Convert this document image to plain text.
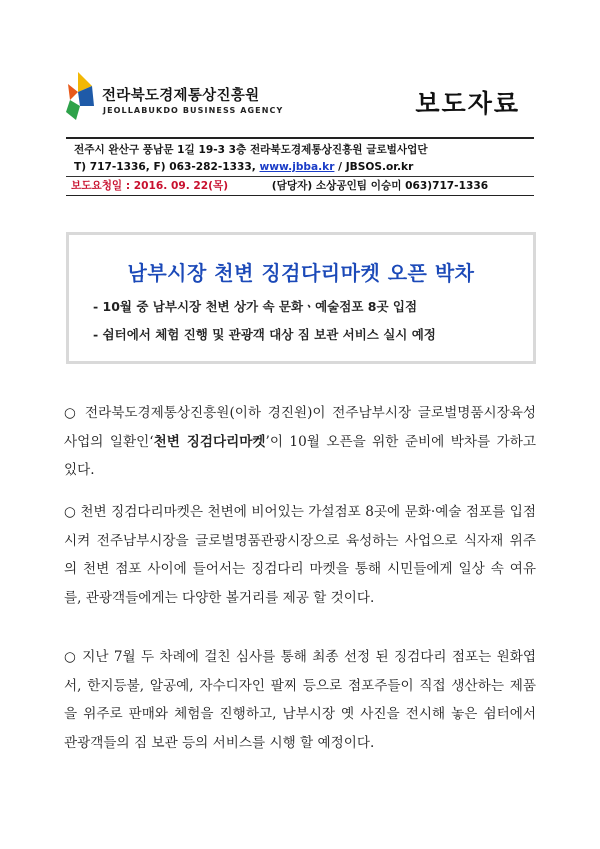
전라북도경제통상진흥원
JEOLLABUKDO BUSINESS AGENCY	보도자료
전주시 완산구 풍남문 1길 19-3 3층 전라북도경제통상진흥원 글로벌사업단
T) 717-1336, F) 063-282-1333, www.jbba.kr / JBSOS.or.kr
보도요청일 : 2016. 09. 22(목)	(담당자) 소상공인팀 이승미 063)717-1336
남부시장 천변 징검다리마켓 오픈 박차
- 10월 중 남부시장 천변 상가 속 문화ㆍ예술점포 8곳 입점
- 쉼터에서 체험 진행 및 관광객 대상 짐 보관 서비스 실시 예정
○ 전라북도경제통상진흥원(이하 경진원)이 전주남부시장 글로벌명품시장육성사업의 일환인‘천변 징검다리마켓’이 10월 오픈을 위한 준비에 박차를 가하고 있다.
○ 천변 징검다리마켓은 천변에 비어있는 가설점포 8곳에 문화·예술 점포를 입점시켜 전주남부시장을 글로벌명품관광시장으로 육성하는 사업으로 식자재 위주의 천변 점포 사이에 들어서는 징검다리 마켓을 통해 시민들에게 일상 속 여유를, 관광객들에게는 다양한 볼거리를 제공 할 것이다.
○ 지난 7월 두 차례에 걸친 심사를 통해 최종 선정 된 징검다리 점포는 원화엽서, 한지등불, 알공예, 자수디자인 팔찌 등으로 점포주들이 직접 생산하는 제품을 위주로 판매와 체험을 진행하고, 남부시장 옛 사진을 전시해 놓은 쉼터에서 관광객들의 짐 보관 등의 서비스를 시행 할 예정이다.
